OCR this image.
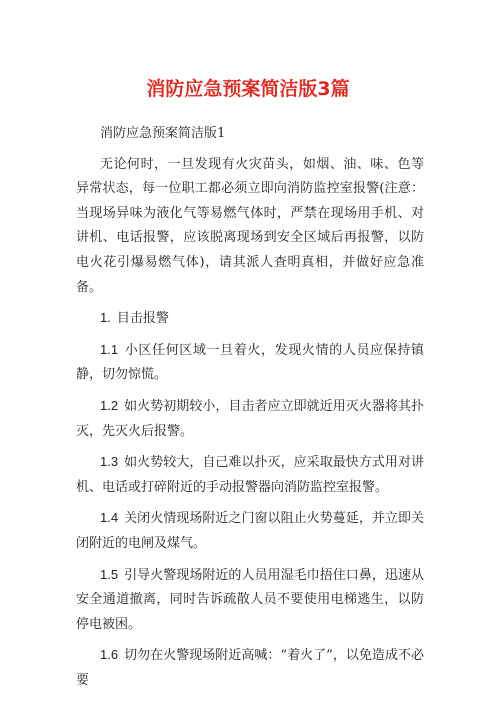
消防应急预案简洁版3篇

消防应急预案简洁版1

无论何时，一旦发现有火灾苗头，如烟、油、味、色等异常状态，每一位职工都必须立即向消防监控室报警(注意：当现场异味为液化气等易燃气体时，严禁在现场用手机、对讲机、电话报警，应该脱离现场到安全区域后再报警，以防电火花引爆易燃气体)，请其派人查明真相，并做好应急准备。

1. 目击报警

1.1 小区任何区域一旦着火，发现火情的人员应保持镇静，切勿惊慌。

1.2 如火势初期较小，目击者应立即就近用灭火器将其扑灭，先灭火后报警。

1.3 如火势较大，自己难以扑灭，应采取最快方式用对讲机、电话或打碎附近的手动报警器向消防监控室报警。

1.4 关闭火情现场附近之门窗以阻止火势蔓延，并立即关闭附近的电闸及煤气。

1.5 引导火警现场附近的人员用湿毛巾捂住口鼻，迅速从安全通道撤离，同时告诉疏散人员不要使用电梯逃生，以防停电被困。

1.6 切勿在火警现场附近高喊：“着火了”，以免造成不必要
